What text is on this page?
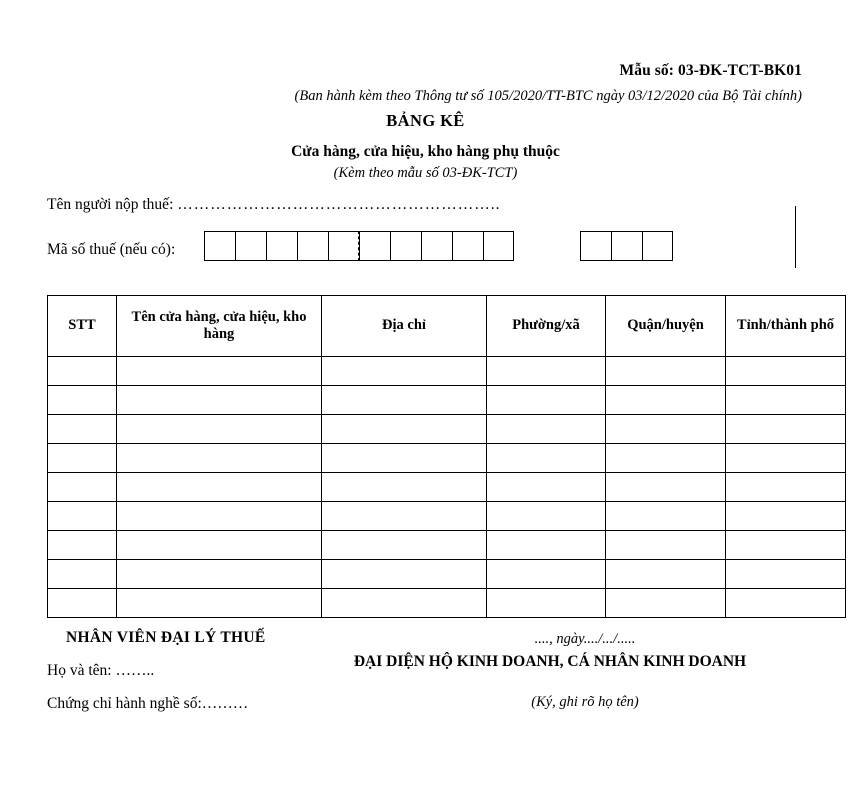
Mẫu số: 03-ĐK-TCT-BK01
(Ban hành kèm theo Thông tư số 105/2020/TT-BTC ngày 03/12/2020 của Bộ Tài chính)
BẢNG KÊ
Cửa hàng, cửa hiệu, kho hàng phụ thuộc
(Kèm theo mẫu số 03-ĐK-TCT)
Tên người nộp thuế: …………………………………………………..
Mã số thuế (nếu có):
STT	Tên cửa hàng, cửa hiệu, kho hàng	Địa chỉ	Phường/xã	Quận/huyện	Tỉnh/thành phố

NHÂN VIÊN ĐẠI LÝ THUẾ
Họ và tên: ……..
Chứng chỉ hành nghề số:………
...., ngày..../.../.....
ĐẠI DIỆN HỘ KINH DOANH, CÁ NHÂN KINH DOANH
(Ký, ghi rõ họ tên)
